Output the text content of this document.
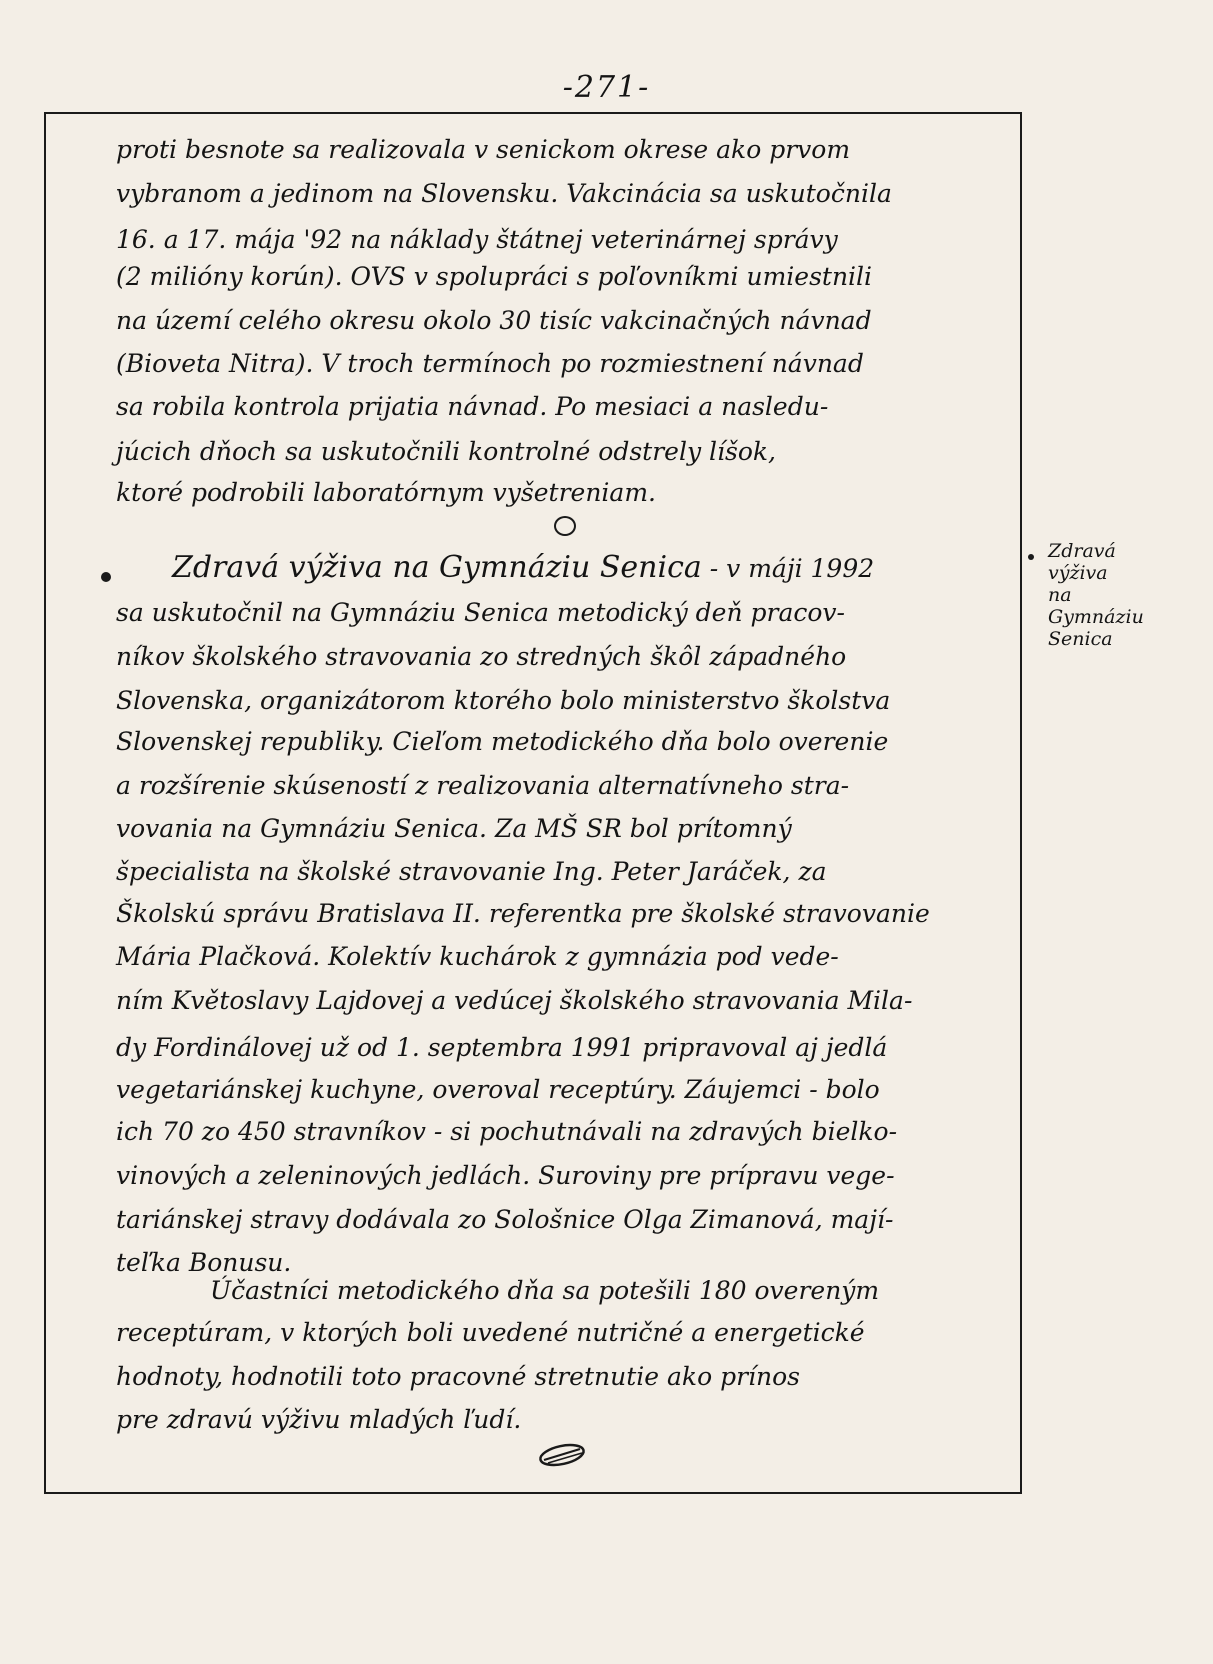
-271-
proti besnote sa realizovala v senickom okrese ako prvom
vybranom a jedinom na Slovensku. Vakcinácia sa uskutočnila
16. a 17. mája '92 na náklady štátnej veterinárnej správy
(2 milióny korún). OVS v spolupráci s poľovníkmi umiestnili
na území celého okresu okolo 30 tisíc vakcinačných návnad
(Bioveta Nitra). V troch termínoch po rozmiestnení návnad
sa robila kontrola prijatia návnad. Po mesiaci a nasledu-
júcich dňoch sa uskutočnili kontrolné odstrely líšok,
ktoré podrobili laboratórnym vyšetreniam.
Zdravá výživa na Gymnáziu Senica - v máji 1992
sa uskutočnil na Gymnáziu Senica metodický deň pracov-
níkov školského stravovania zo stredných škôl západného
Slovenska, organizátorom ktorého bolo ministerstvo školstva
Slovenskej republiky. Cieľom metodického dňa bolo overenie
a rozšírenie skúseností z realizovania alternatívneho stra-
vovania na Gymnáziu Senica. Za MŠ SR bol prítomný
špecialista na školské stravovanie Ing. Peter Jaráček, za
Školskú správu Bratislava II. referentka pre školské stravovanie
Mária Plačková. Kolektív kuchárok z gymnázia pod vede-
ním Květoslavy Lajdovej a vedúcej školského stravovania Mila-
dy Fordinálovej už od 1. septembra 1991 pripravoval aj jedlá
vegetariánskej kuchyne, overoval receptúry. Záujemci - bolo
ich 70 zo 450 stravníkov - si pochutnávali na zdravých bielko-
vinových a zeleninových jedlách. Suroviny pre prípravu vege-
tariánskej stravy dodávala zo Sološnice Olga Zimanová, mají-
teľka Bonusu.
Účastníci metodického dňa sa potešili 180 overeným
receptúram, v ktorých boli uvedené nutričné a energetické
hodnoty, hodnotili toto pracovné stretnutie ako prínos
pre zdravú výživu mladých ľudí.
Zdravá
výživa
na
Gymnáziu
Senica
